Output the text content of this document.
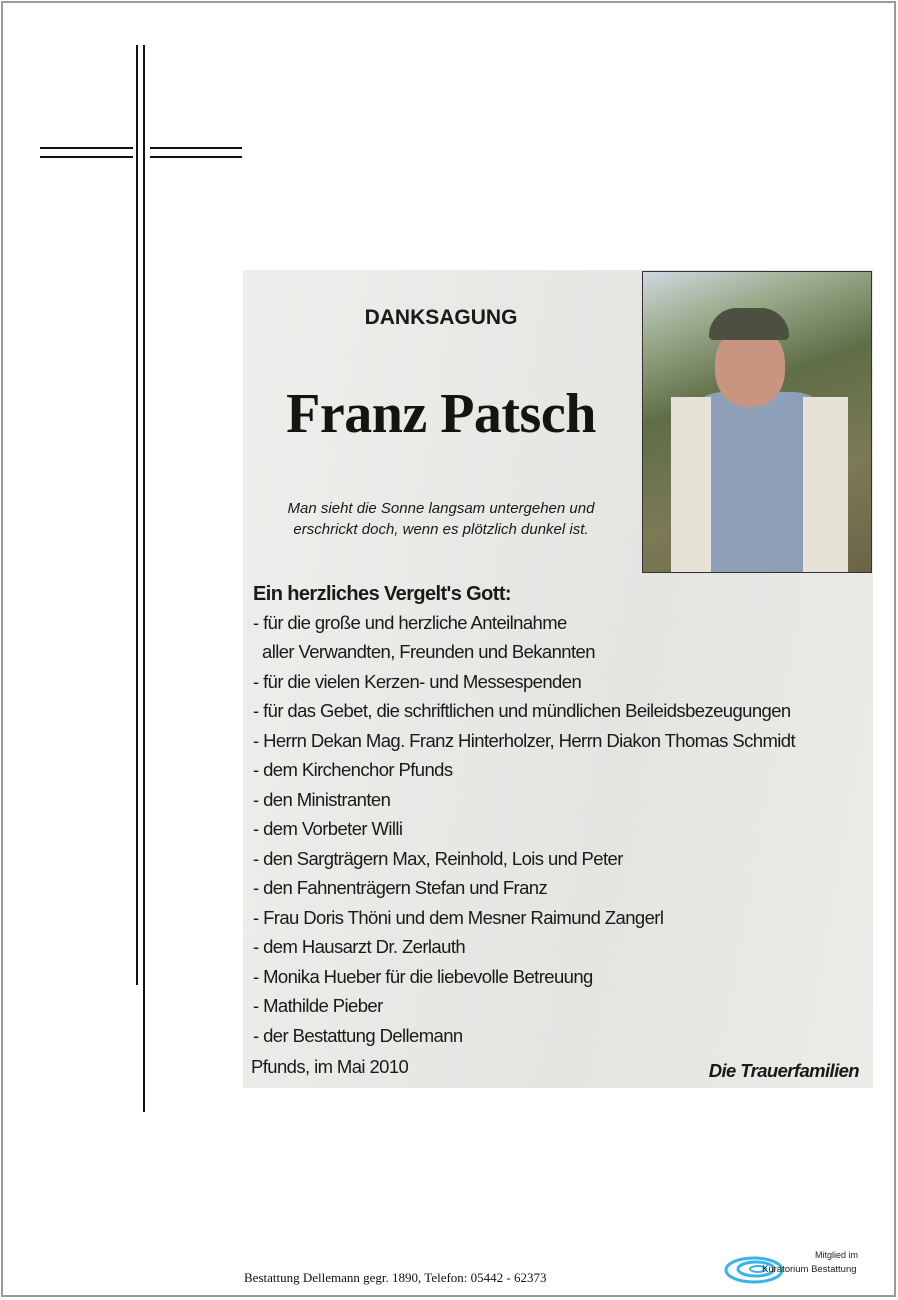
DANKSAGUNG
Franz Patsch
Man sieht die Sonne langsam untergehen und
erschrickt doch, wenn es plötzlich dunkel ist.
Ein herzliches Vergelt's Gott:
- für die große und herzliche Anteilnahme
aller Verwandten, Freunden und Bekannten
- für die vielen Kerzen- und Messespenden
- für das Gebet, die schriftlichen und mündlichen Beileidsbezeugungen
- Herrn Dekan Mag. Franz Hinterholzer, Herrn Diakon Thomas Schmidt
- dem Kirchenchor Pfunds
- den Ministranten
- dem Vorbeter Willi
- den Sargträgern Max, Reinhold, Lois und Peter
- den Fahnenträgern Stefan und Franz
- Frau Doris Thöni und dem Mesner Raimund Zangerl
- dem Hausarzt Dr. Zerlauth
- Monika Hueber für die liebevolle Betreuung
- Mathilde Pieber
- der Bestattung Dellemann
Pfunds, im Mai 2010	Die Trauerfamilien
Bestattung Dellemann gegr. 1890, Telefon: 05442 - 62373
Mitglied im
Kuratorium Bestattung
